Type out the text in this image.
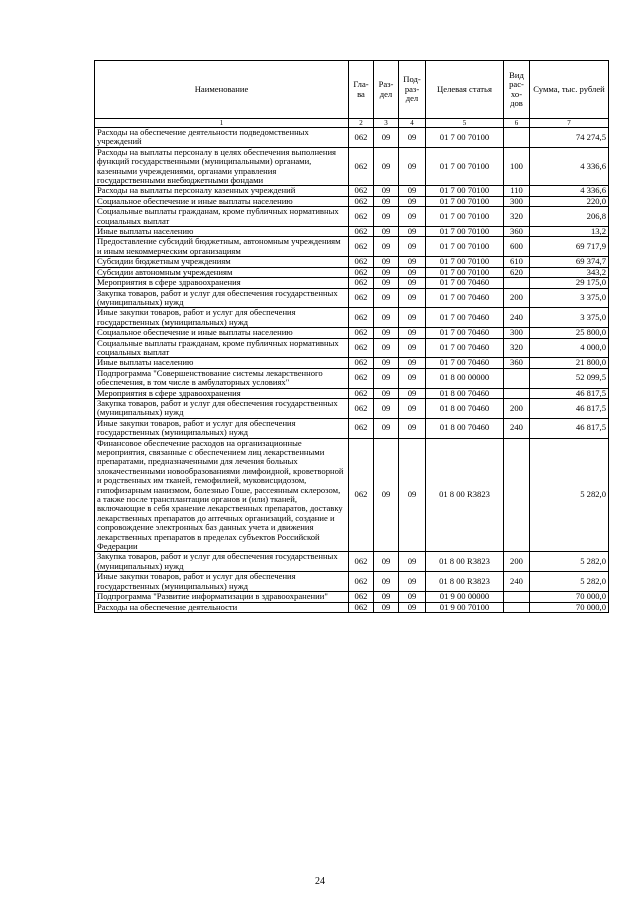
Наименование	Гла-ва	Раз-дел	Под-раз-дел	Целевая статья	Вид рас-хо-дов	Сумма, тыс. рублей
1	2	3	4	5	6	7
Расходы на обеспечение деятельности подведомственных учреждений	062	09	09	01 7 00 70100		74 274,5
Расходы на выплаты персоналу в целях обеспечения выполнения функций государственными (муниципальными) органами, казенными учреждениями, органами управления государственными внебюджетными фондами	062	09	09	01 7 00 70100	100	4 336,6
Расходы на выплаты персоналу казенных учреждений	062	09	09	01 7 00 70100	110	4 336,6
Социальное обеспечение и иные выплаты населению	062	09	09	01 7 00 70100	300	220,0
Социальные выплаты гражданам, кроме публичных нормативных социальных выплат	062	09	09	01 7 00 70100	320	206,8
Иные выплаты населению	062	09	09	01 7 00 70100	360	13,2
Предоставление субсидий бюджетным, автономным учреждениям и иным некоммерческим организациям	062	09	09	01 7 00 70100	600	69 717,9
Субсидии бюджетным учреждениям	062	09	09	01 7 00 70100	610	69 374,7
Субсидии автономным учреждениям	062	09	09	01 7 00 70100	620	343,2
Мероприятия в сфере здравоохранения	062	09	09	01 7 00 70460		29 175,0
Закупка товаров, работ и услуг для обеспечения государственных (муниципальных) нужд	062	09	09	01 7 00 70460	200	3 375,0
Иные закупки товаров, работ и услуг для обеспечения государственных (муниципальных) нужд	062	09	09	01 7 00 70460	240	3 375,0
Социальное обеспечение и иные выплаты населению	062	09	09	01 7 00 70460	300	25 800,0
Социальные выплаты гражданам, кроме публичных нормативных социальных выплат	062	09	09	01 7 00 70460	320	4 000,0
Иные выплаты населению	062	09	09	01 7 00 70460	360	21 800,0
Подпрограмма "Совершенствование системы лекарственного обеспечения, в том числе в амбулаторных условиях"	062	09	09	01 8 00 00000		52 099,5
Мероприятия в сфере здравоохранения	062	09	09	01 8 00 70460		46 817,5
Закупка товаров, работ и услуг для обеспечения государственных (муниципальных) нужд	062	09	09	01 8 00 70460	200	46 817,5
Иные закупки товаров, работ и услуг для обеспечения государственных (муниципальных) нужд	062	09	09	01 8 00 70460	240	46 817,5
Финансовое обеспечение расходов на организационные мероприятия, связанные с обеспечением лиц лекарственными препаратами, предназначенными для лечения больных злокачественными новообразованиями лимфоидной, кроветворной и родственных им тканей, гемофилией, муковисцидозом, гипофизарным нанизмом, болезнью Гоше, рассеянным склерозом, а также после трансплантации органов и (или) тканей, включающие в себя хранение лекарственных препаратов, доставку лекарственных препаратов до аптечных организаций, создание и сопровождение электронных баз данных учета и движения лекарственных препаратов в пределах субъектов Российской Федерации	062	09	09	01 8 00 R3823		5 282,0
Закупка товаров, работ и услуг для обеспечения государственных (муниципальных) нужд	062	09	09	01 8 00 R3823	200	5 282,0
Иные закупки товаров, работ и услуг для обеспечения государственных (муниципальных) нужд	062	09	09	01 8 00 R3823	240	5 282,0
Подпрограмма "Развитие информатизации в здравоохранении"	062	09	09	01 9 00 00000		70 000,0
Расходы на обеспечение деятельности	062	09	09	01 9 00 70100		70 000,0
24
